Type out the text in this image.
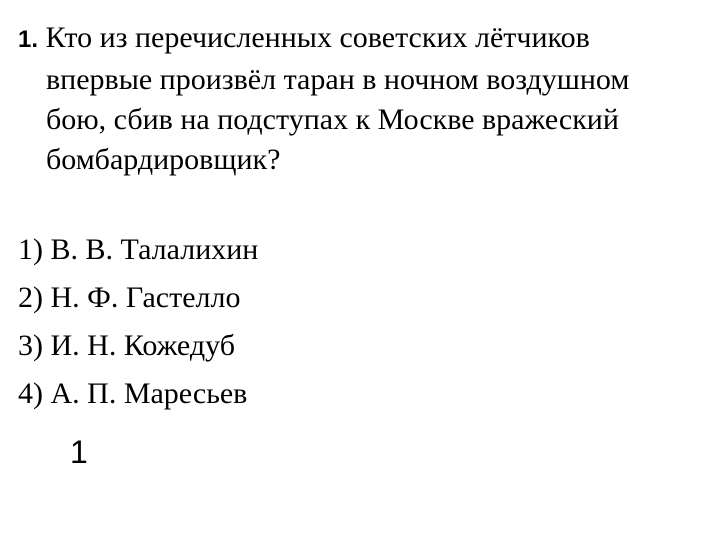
1. Кто из перечисленных советских лётчиков
впервые произвёл таран в ночном воздушном
бою, сбив на подступах к Москве вражеский
бомбардировщик?
1) В. В. Талалихин
2) Н. Ф. Гастелло
3) И. Н. Кожедуб
4) А. П. Маресьев
1
